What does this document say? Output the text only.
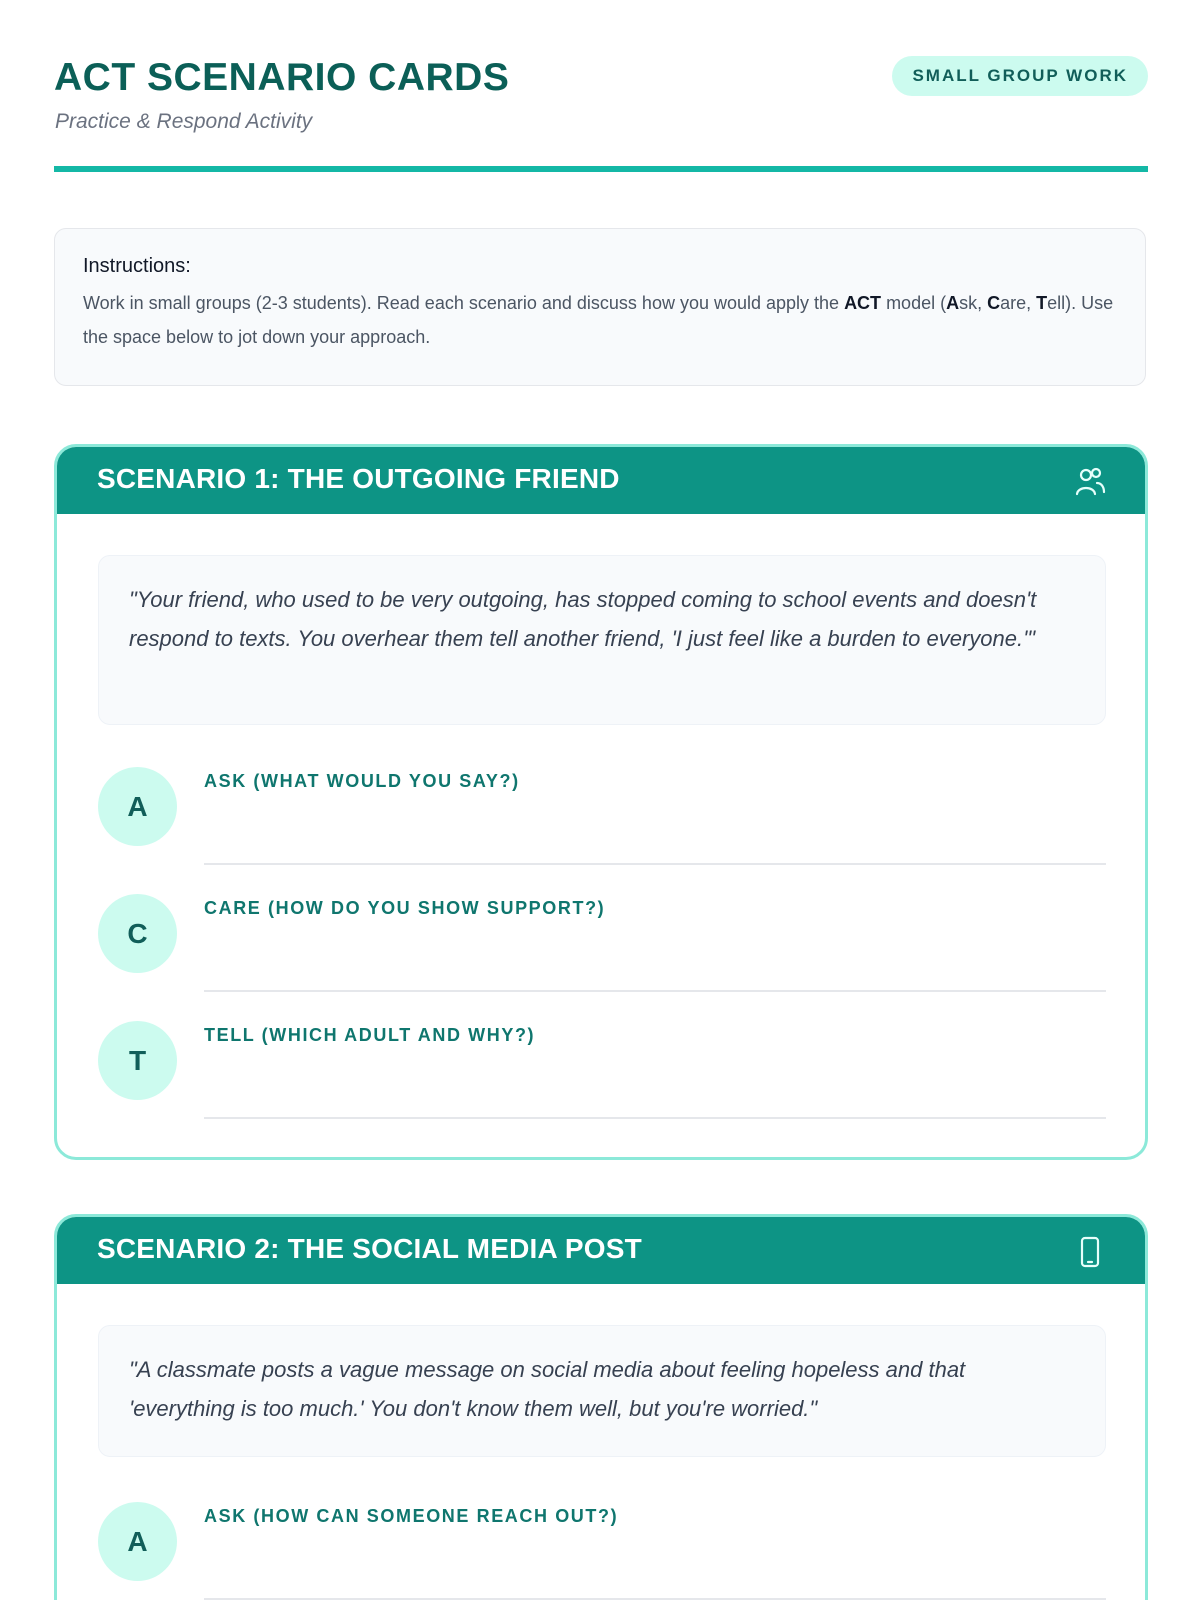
ACT SCENARIO CARDS

Practice & Respond Activity

SMALL GROUP WORK
Instructions:

Work in small groups (2-3 students). Read each scenario and discuss how you would apply the ACT model (Ask, Care, Tell). Use the space below to jot down your approach.

SCENARIO 1: THE OUTGOING FRIEND
"Your friend, who used to be very outgoing, has stopped coming to school events and doesn't respond to texts. You overhear them tell another friend, 'I just feel like a burden to everyone.'"
A
ASK (WHAT WOULD YOU SAY?)
C
CARE (HOW DO YOU SHOW SUPPORT?)
T
TELL (WHICH ADULT AND WHY?)
SCENARIO 2: THE SOCIAL MEDIA POST
"A classmate posts a vague message on social media about feeling hopeless and that 'everything is too much.' You don't know them well, but you're worried."
A
ASK (HOW CAN SOMEONE REACH OUT?)
